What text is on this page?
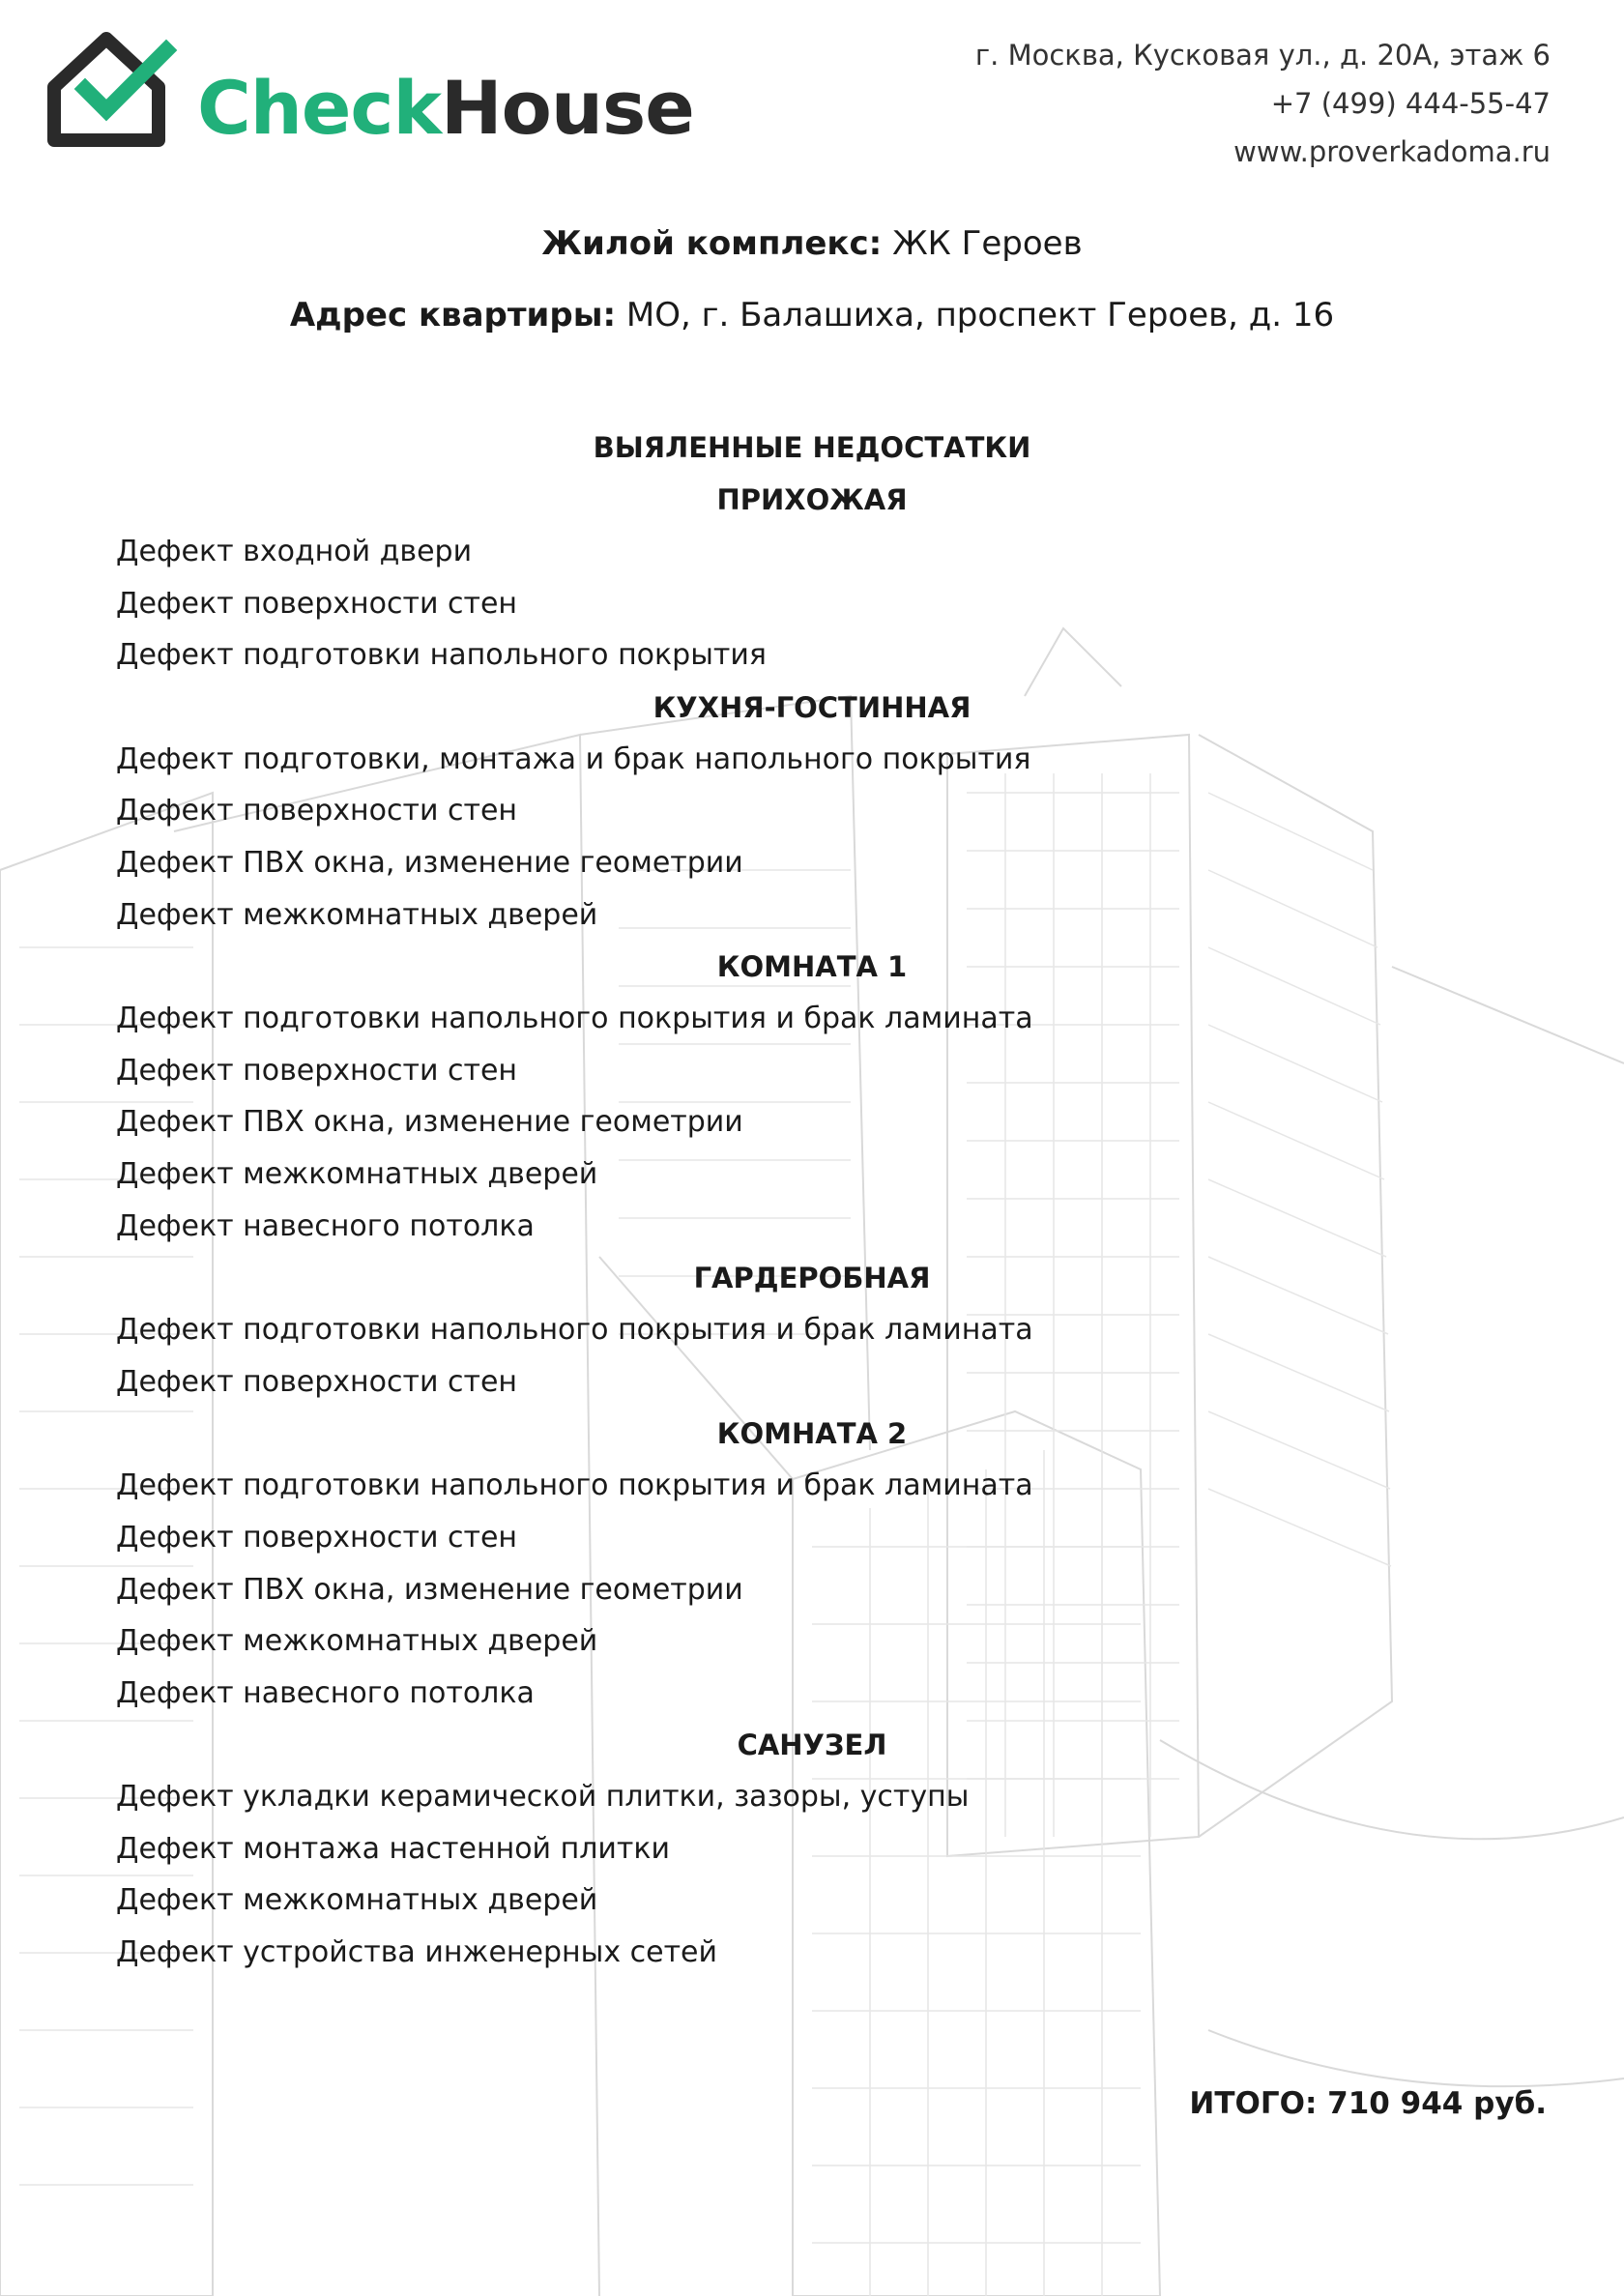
CheckHouse
г. Москва, Кусковая ул., д. 20А, этаж 6
+7 (499) 444-55-47
www.proverkadoma.ru
Жилой комплекс: ЖК Героев
Адрес квартиры: МО, г. Балашиха, проспект Героев, д. 16
ВЫЯЛЕННЫЕ НЕДОСТАТКИ
ПРИХОЖАЯ
Дефект входной двери
Дефект поверхности стен
Дефект подготовки напольного покрытия
КУХНЯ-ГОСТИННАЯ
Дефект подготовки, монтажа и брак напольного покрытия
Дефект поверхности стен
Дефект ПВХ окна, изменение геометрии
Дефект межкомнатных дверей
КОМНАТА 1
Дефект подготовки напольного покрытия и брак ламината
Дефект поверхности стен
Дефект ПВХ окна, изменение геометрии
Дефект межкомнатных дверей
Дефект навесного потолка
ГАРДЕРОБНАЯ
Дефект подготовки напольного покрытия и брак ламината
Дефект поверхности стен
КОМНАТА 2
Дефект подготовки напольного покрытия и брак ламината
Дефект поверхности стен
Дефект ПВХ окна, изменение геометрии
Дефект межкомнатных дверей
Дефект навесного потолка
САНУЗЕЛ
Дефект укладки керамической плитки, зазоры, уступы
Дефект монтажа настенной плитки
Дефект межкомнатных дверей
Дефект устройства инженерных сетей
ИТОГО: 710 944 руб.
